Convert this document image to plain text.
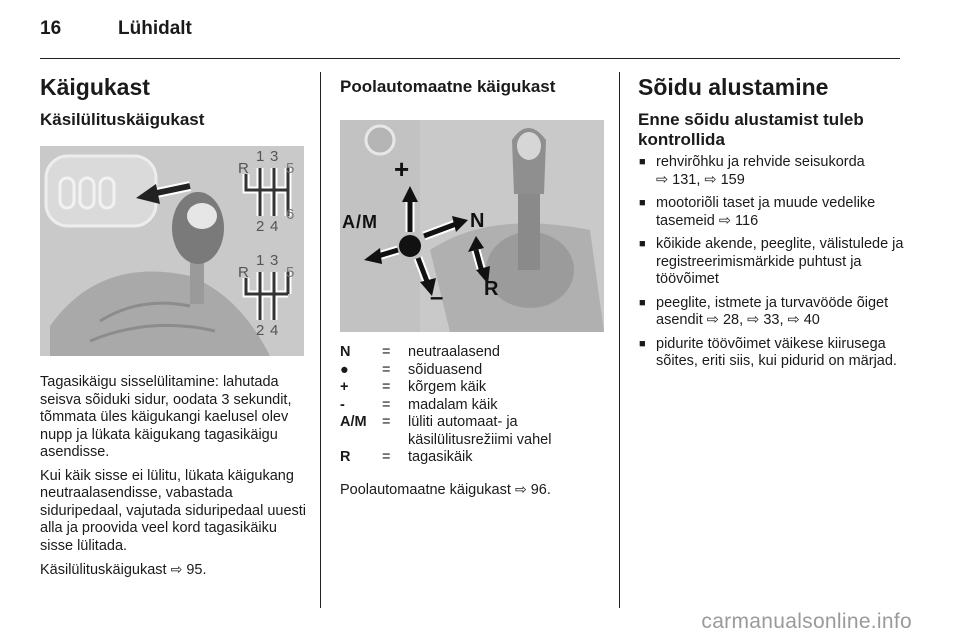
16	Lühidalt
Käigukast
Käsilülituskäigukast
R
1 3
5
2 4
6
R
1 3
5
2 4

Tagasikäigu sisselülitamine: lahutada seisva sõiduki sidur, oodata 3 sekundit, tõmmata üles käigukangi kaelusel olev nupp ja lükata käigukang tagasikäigu asendisse.

Kui käik sisse ei lülitu, lükata käigukang neutraalasendisse, vabastada siduripedaal, vajutada siduripedaal uuesti alla ja proovida veel kord tagasikäiku sisse lülitada.

Käsilülituskäigukast ⇨ 95.

Poolautomaatne käigukast
+
A/M	N
– R
N	=	neutraalasend
●	=	sõiduasend
+	=	kõrgem käik
-	=	madalam käik
A/M	=	lüliti automaat- ja käsilülitusrežiimi vahel
R	=	tagasikäik

Poolautomaatne käigukast ⇨ 96.

Sõidu alustamine
Enne sõidu alustamist tuleb kontrollida
■ rehvirõhku ja rehvide seisukorda
⇨ 131, ⇨ 159
■ mootoriõli taset ja muude vedelike tasemeid ⇨ 116
■ kõikide akende, peeglite, välistulede ja registreerimismärkide puhtust ja töövõimet
■ peeglite, istmete ja turvavööde õiget asendit ⇨ 28, ⇨ 33, ⇨ 40
■ pidurite töövõimet väikese kiirusega sõites, eriti siis, kui pidurid on märjad.
carmanualsonline.info
